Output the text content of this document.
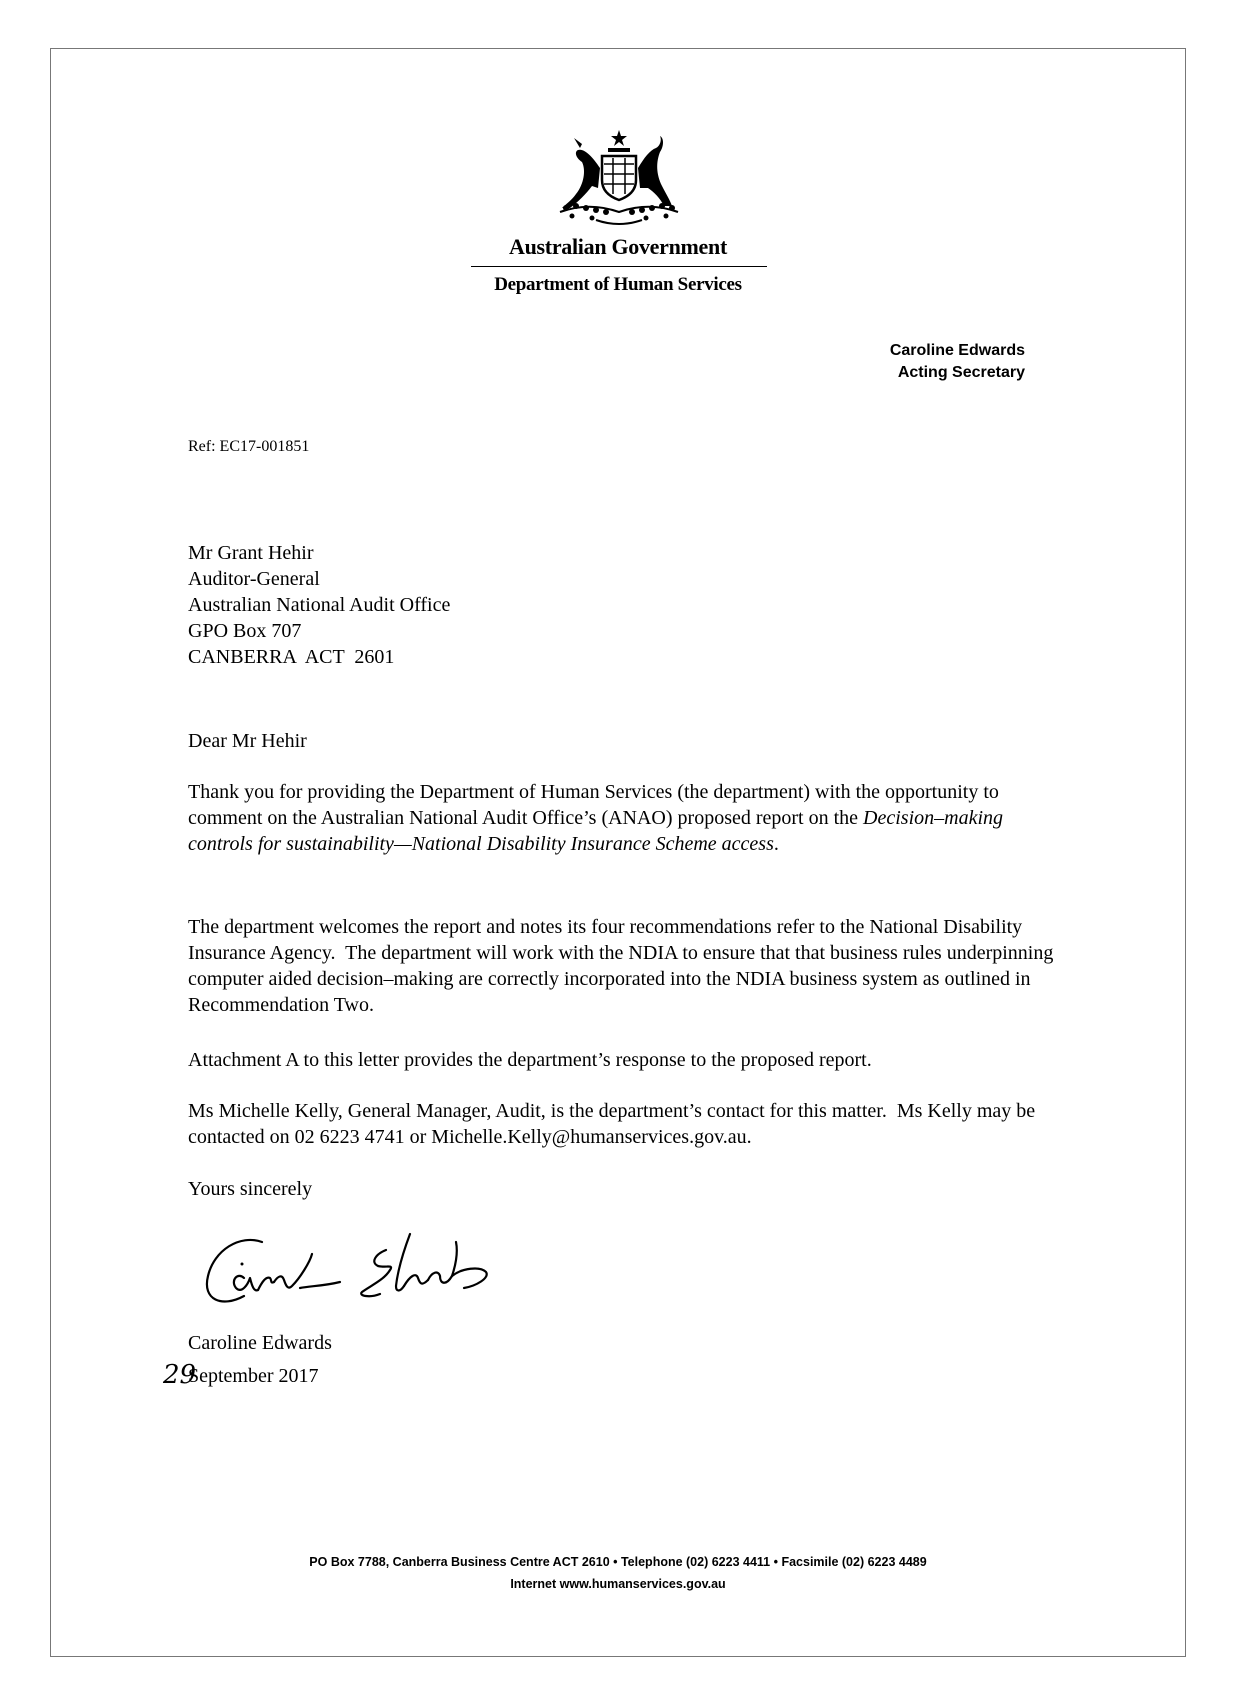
Australian Government
Department of Human Services
Caroline Edwards
Acting Secretary
Ref: EC17-001851
Mr Grant Hehir
Auditor-General
Australian National Audit Office
GPO Box 707
CANBERRA  ACT  2601
Dear Mr Hehir

Thank you for providing the Department of Human Services (the department) with the opportunity to comment on the Australian National Audit Office’s (ANAO) proposed report on the Decision–making controls for sustainability—National Disability Insurance Scheme access.

The department welcomes the report and notes its four recommendations refer to the National Disability Insurance Agency.  The department will work with the NDIA to ensure that that business rules underpinning computer aided decision–making are correctly incorporated into the NDIA business system as outlined in Recommendation Two.

Attachment A to this letter provides the department’s response to the proposed report.

Ms Michelle Kelly, General Manager, Audit, is the department’s contact for this matter.  Ms Kelly may be contacted on 02 6223 4741 or Michelle.Kelly@humanservices.gov.au.

Yours sincerely
Caroline Edwards
29September 2017
PO Box 7788, Canberra Business Centre ACT 2610 • Telephone (02) 6223 4411 • Facsimile (02) 6223 4489
Internet www.humanservices.gov.au
